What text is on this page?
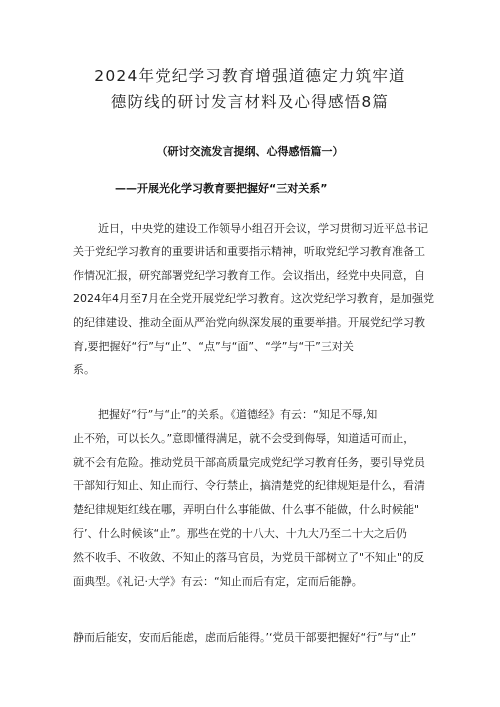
2024年党纪学习教育增强道德定力筑牢道
德防线的研讨发言材料及心得感悟8篇
（研讨交流发言提纲、心得感悟篇一）
——开展光化学习教育要把握好“三对关系”
近日，中央党的建设工作领导小组召开会议，学习贯彻习近平总书记
关于党纪学习教育的重要讲话和重要指示精神，听取党纪学习教育准备工
作情况汇报，研究部署党纪学习教育工作。会议指出，经党中央同意，自
2024年4月至7月在全党开展党纪学习教育。这次党纪学习教育，是加强党
的纪律建设、推动全面从严治党向纵深发展的重要举措。开展党纪学习教
育,要把握好“行”与“止”、“点”与“面”、“学”与“干”三对关
系。
把握好“行”与“止”的关系。《道德经》有云：“知足不辱,知
止不殆，可以长久。”意即懂得满足，就不会受到侮辱，知道适可而止，
就不会有危险。推动党员干部高质量完成党纪学习教育任务，要引导党员
干部知行知止、知止而行、令行禁止，搞清楚党的纪律规矩是什么，看清
楚纪律规矩红线在哪，弄明白什么事能做、什么事不能做，什么时候能"
行’、什么时候该“止”。那些在党的十八大、十九大乃至二十大之后仍
然不收手、不收敛、不知止的落马官员，为党员干部树立了"不知止"的反
面典型。《礼记·大学》有云：“知止而后有定，定而后能静。
静而后能安，安而后能虑，虑而后能得。’‘党员干部要把握好“行”与“止”
